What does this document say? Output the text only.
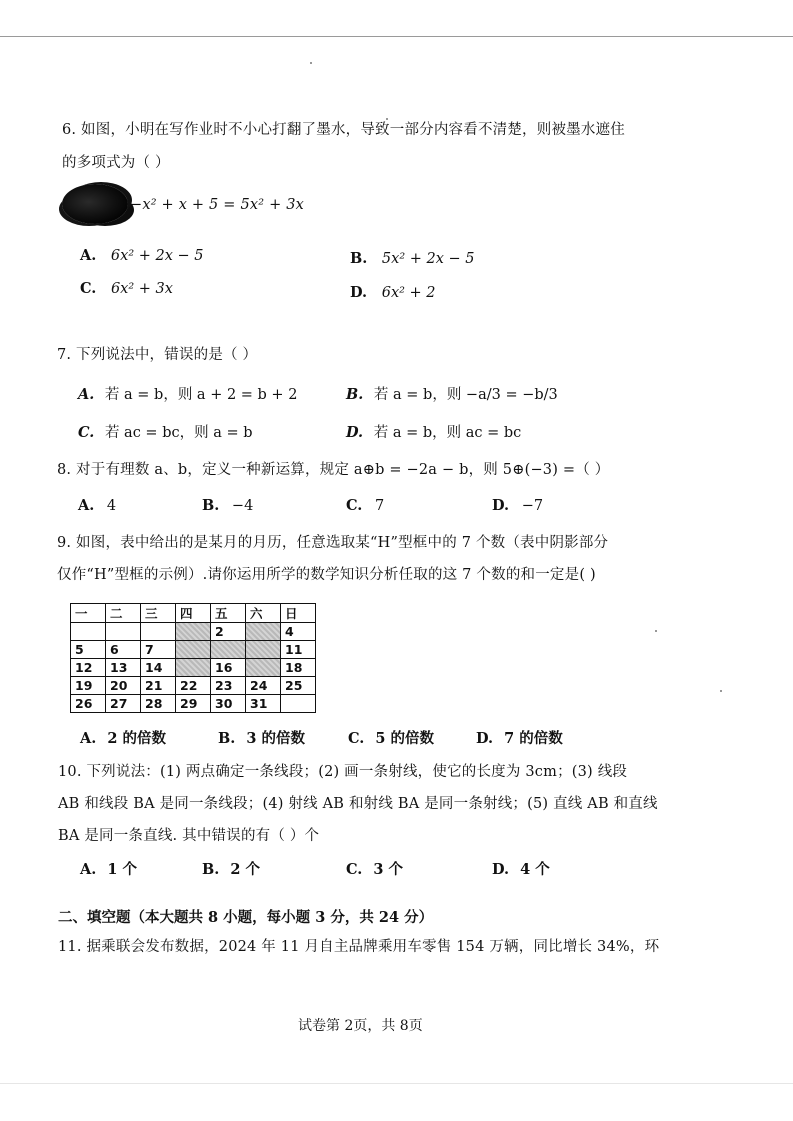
6. 如图，小明在写作业时不小心打翻了墨水，导致一部分内容看不清楚，则被墨水遮住
的多项式为（ ）
−x² + x + 5 = 5x² + 3x
A. 6x² + 2x − 5	B. 5x² + 2x − 5
C. 6x² + 3x	D. 6x² + 2
7. 下列说法中，错误的是（ ）
A. 若 a = b，则 a + 2 = b + 2	B. 若 a = b，则 −a/3 = −b/3
C. 若 ac = bc，则 a = b	D. 若 a = b，则 ac = bc
8. 对于有理数 a、b，定义一种新运算，规定 a⊕b = −2a − b，则 5⊕(−3) =（ ）
A. 4	B. −4	C. 7	D. −7
9. 如图，表中给出的是某月的月历，任意选取某“H”型框中的 7 个数（表中阴影部分
仅作“H”型框的示例）.请你运用所学的数学知识分析任取的这 7 个数的和一定是( )
一	二	三	四	五	六	日
				2		4
5	6	7				11
12	13	14		16		18
19	20	21	22	23	24	25
26	27	28	29	30	31	
A. 2 的倍数	B. 3 的倍数	C. 5 的倍数	D. 7 的倍数
10. 下列说法：(1) 两点确定一条线段；(2) 画一条射线，使它的长度为 3cm；(3) 线段
AB 和线段 BA 是同一条线段；(4) 射线 AB 和射线 BA 是同一条射线；(5) 直线 AB 和直线
BA 是同一条直线. 其中错误的有（ ）个
A. 1 个	B. 2 个	C. 3 个	D. 4 个
二、填空题（本大题共 8 小题，每小题 3 分，共 24 分）
11. 据乘联会发布数据，2024 年 11 月自主品牌乘用车零售 154 万辆，同比增长 34%，环
试卷第 2页，共 8页
